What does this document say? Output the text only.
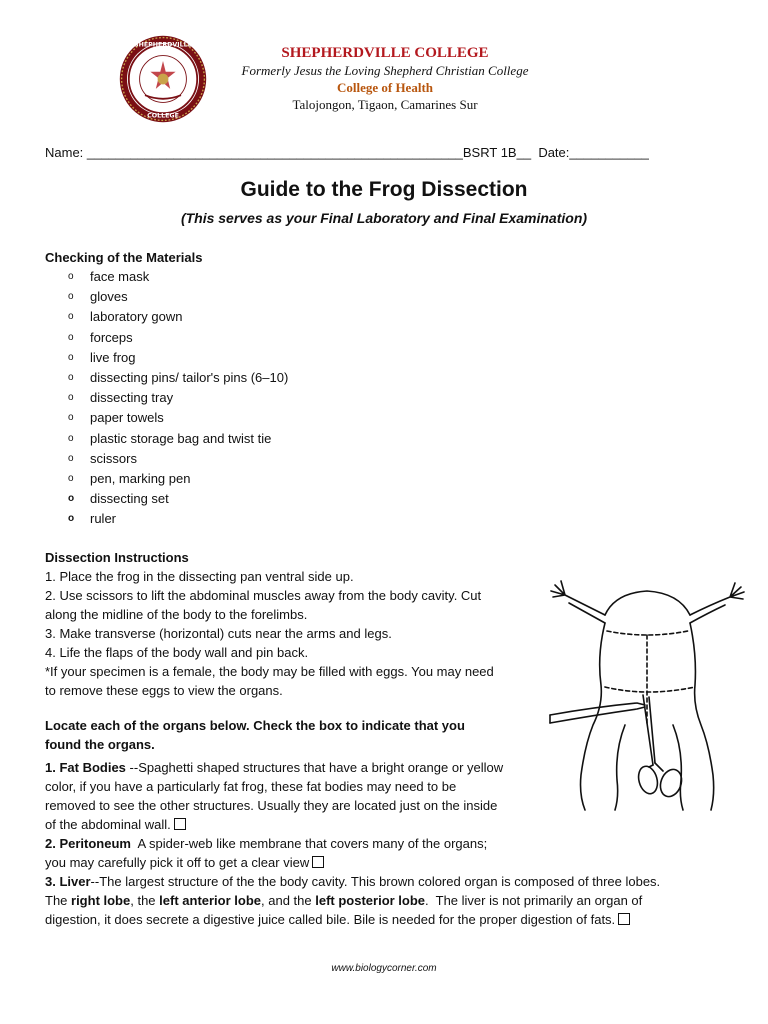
SHEPHERDVILLE
COLLEGE
SHEPHERDVILLE COLLEGE
Formerly Jesus the Loving Shepherd Christian College
College of Health
Talojongon, Tigaon, Camarines Sur
Name: ____________________________________________________BSRT 1B__ Date:___________
Guide to the Frog Dissection
(This serves as your Final Laboratory and Final Examination)
Checking of the Materials
o face mask
o gloves
o laboratory gown
o forceps
o live frog
o dissecting pins/ tailor's pins (6–10)
o dissecting tray
o paper towels
o plastic storage bag and twist tie
o scissors
o pen, marking pen
o dissecting set
o ruler
Dissection Instructions
1. Place the frog in the dissecting pan ventral side up.
2. Use scissors to lift the abdominal muscles away from the body cavity. Cut
along the midline of the body to the forelimbs.
3. Make transverse (horizontal) cuts near the arms and legs.
4. Life the flaps of the body wall and pin back.
*If your specimen is a female, the body may be filled with eggs. You may need
to remove these eggs to view the organs.
Locate each of the organs below. Check the box to indicate that you
found the organs.
1. Fat Bodies --Spaghetti shaped structures that have a bright orange or yellow
color, if you have a particularly fat frog, these fat bodies may need to be
removed to see the other structures. Usually they are located just on the inside
of the abdominal wall.
2. Peritoneum  A spider-web like membrane that covers many of the organs;
you may carefully pick it off to get a clear view
3. Liver--The largest structure of the the body cavity. This brown colored organ is composed of three lobes.
The right lobe, the left anterior lobe, and the left posterior lobe.  The liver is not primarily an organ of
digestion, it does secrete a digestive juice called bile. Bile is needed for the proper digestion of fats.
www.biologycorner.com
